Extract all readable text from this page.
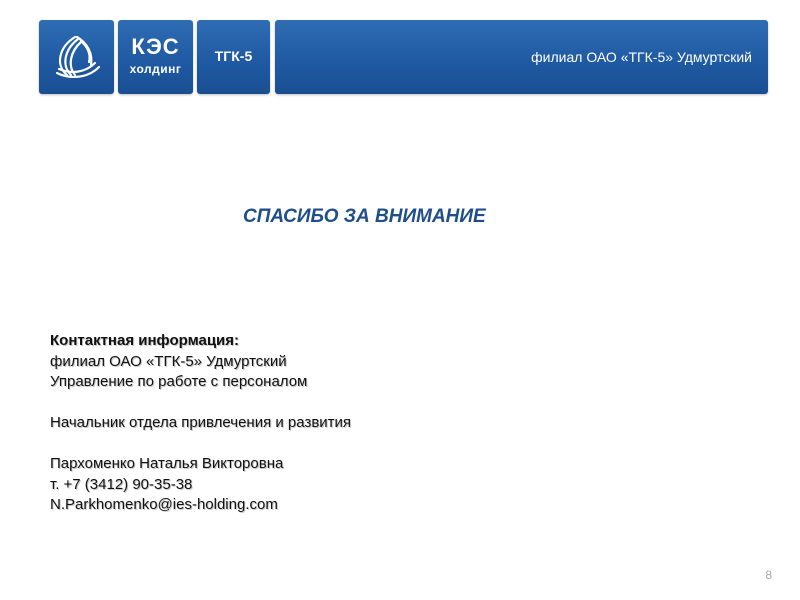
КЭС
холдинг
ТГК-5	филиал ОАО «ТГК-5» Удмуртский
СПАСИБО ЗА ВНИМАНИЕ
Контактная информация:
филиал ОАО «ТГК-5» Удмуртский
Управление по работе с персоналом
Начальник отдела привлечения и развития
Пархоменко Наталья Викторовна
т. +7 (3412) 90-35-38
N.Parkhomenko@ies-holding.com
8
